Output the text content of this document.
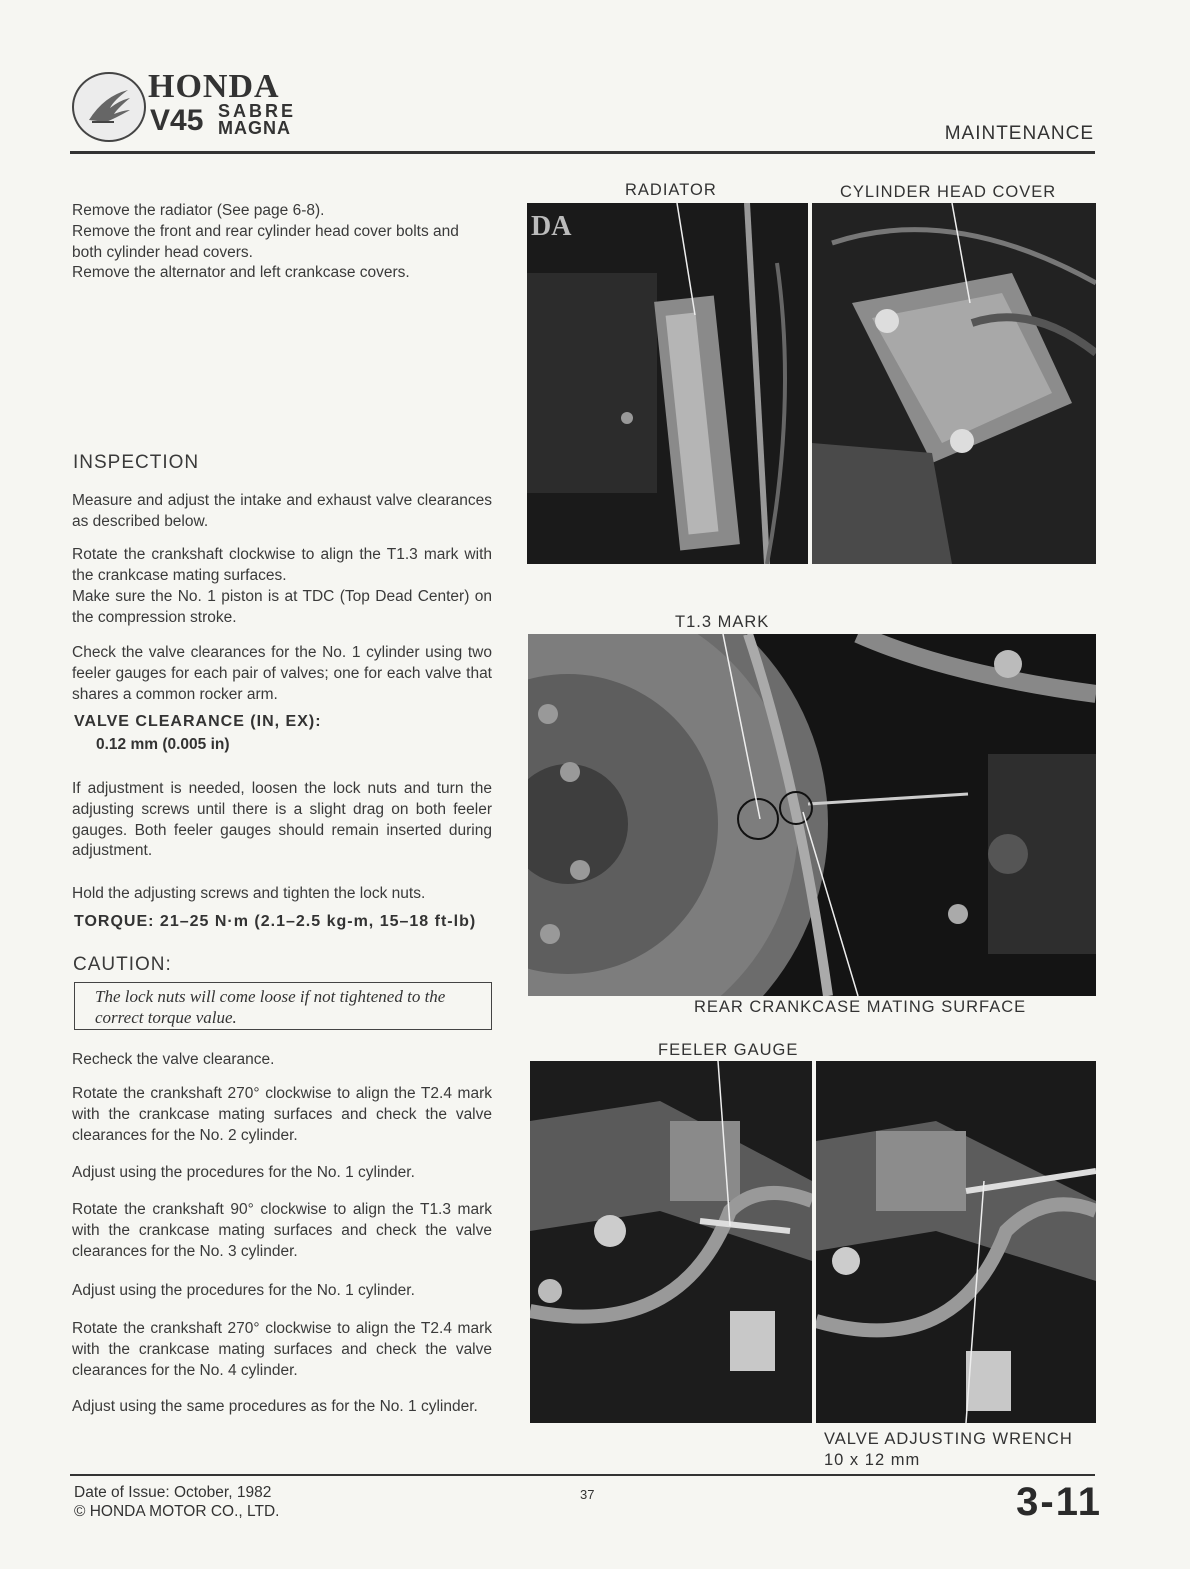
HONDA
V45 SABRE
MAGNA	MAINTENANCE
Remove the radiator (See page 6-8).
Remove the front and rear cylinder head cover bolts and both cylinder head covers.
Remove the alternator and left crankcase covers.
INSPECTION
Measure and adjust the intake and exhaust valve clearances as described below.
Rotate the crankshaft clockwise to align the T1.3 mark with the crankcase mating surfaces.
Make sure the No. 1 piston is at TDC (Top Dead Center) on the compression stroke.
Check the valve clearances for the No. 1 cylinder using two feeler gauges for each pair of valves; one for each valve that shares a common rocker arm.
VALVE CLEARANCE (IN, EX):
0.12 mm (0.005 in)
If adjustment is needed, loosen the lock nuts and turn the adjusting screws until there is a slight drag on both feeler gauges. Both feeler gauges should remain inserted during adjustment.
Hold the adjusting screws and tighten the lock nuts.
TORQUE: 21–25 N·m (2.1–2.5 kg-m, 15–18 ft-lb)
CAUTION:
The lock nuts will come loose if not tightened to the correct torque value.
Recheck the valve clearance.
Rotate the crankshaft 270° clockwise to align the T2.4 mark with the crankcase mating surfaces and check the valve clearances for the No. 2 cylinder.
Adjust using the procedures for the No. 1 cylinder.
Rotate the crankshaft 90° clockwise to align the T1.3 mark with the crankcase mating surfaces and check the valve clearances for the No. 3 cylinder.
Adjust using the procedures for the No. 1 cylinder.
Rotate the crankshaft 270° clockwise to align the T2.4 mark with the crankcase mating surfaces and check the valve clearances for the No. 4 cylinder.
Adjust using the same procedures as for the No. 1 cylinder.
RADIATOR	CYLINDER HEAD COVER
DA
T1.3 MARK
REAR CRANKCASE MATING SURFACE
FEELER GAUGE
VALVE ADJUSTING WRENCH
10 x 12 mm
Date of Issue: October, 1982
© HONDA MOTOR CO., LTD.
37	3-11
